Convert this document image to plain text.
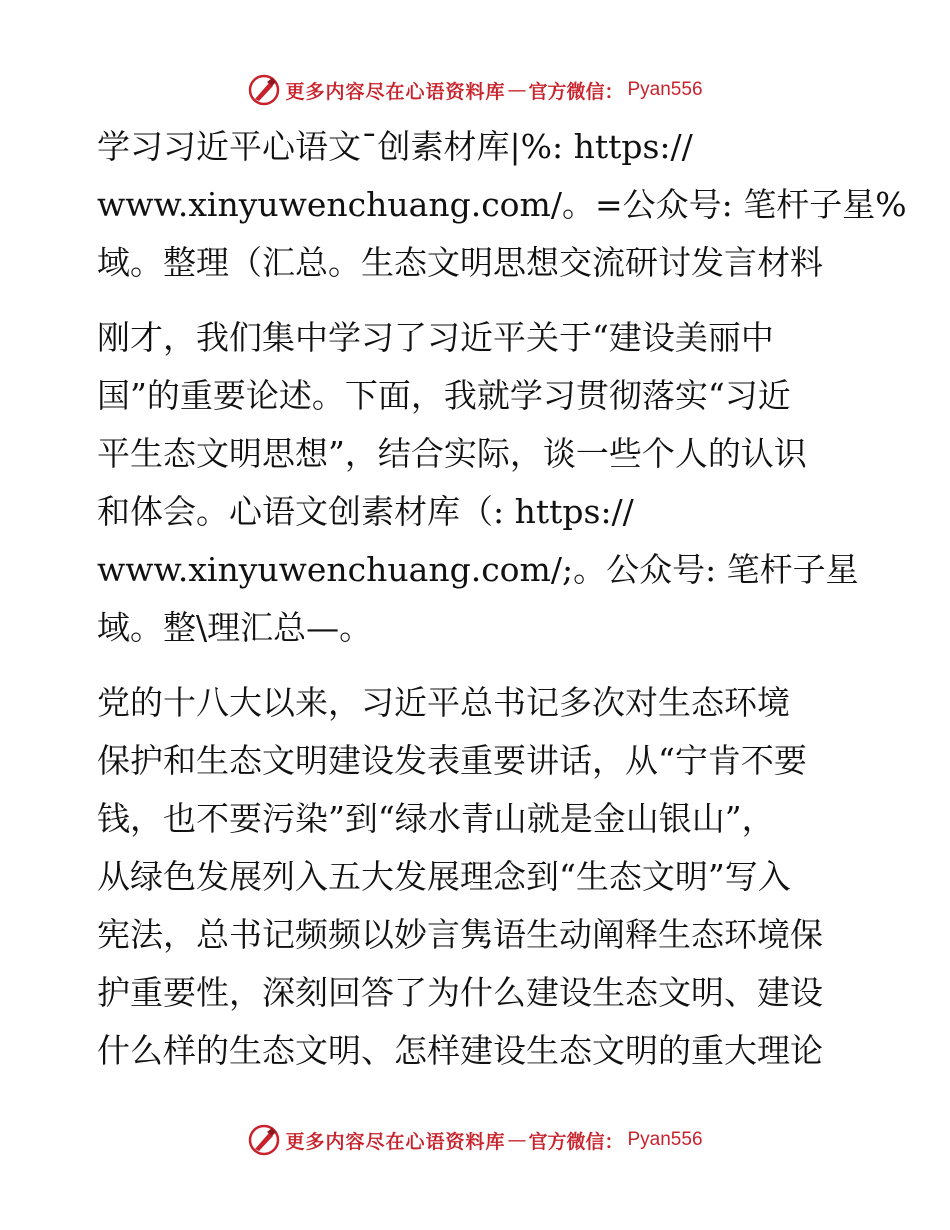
更多内容尽在心语资料库 — 官方微信： Pyan556
学习习近平心语文¯创素材库|%: https://
www.xinyuwenchuang.com/。=公众号: 笔杆子星%
域。整理（汇总。生态文明思想交流研讨发言材料
刚才，我们集中学习了习近平关于“建设美丽中
国”的重要论述。下面，我就学习贯彻落实“习近
平生态文明思想”，结合实际，谈一些个人的认识
和体会。心语文创素材库（: https://
www.xinyuwenchuang.com/;。公众号: 笔杆子星
域。整\理汇总—。
党的十八大以来，习近平总书记多次对生态环境
保护和生态文明建设发表重要讲话，从“宁肯不要
钱，也不要污染”到“绿水青山就是金山银山”，
从绿色发展列入五大发展理念到“生态文明”写入
宪法，总书记频频以妙言隽语生动阐释生态环境保
护重要性，深刻回答了为什么建设生态文明、建设
什么样的生态文明、怎样建设生态文明的重大理论
更多内容尽在心语资料库 — 官方微信： Pyan556
